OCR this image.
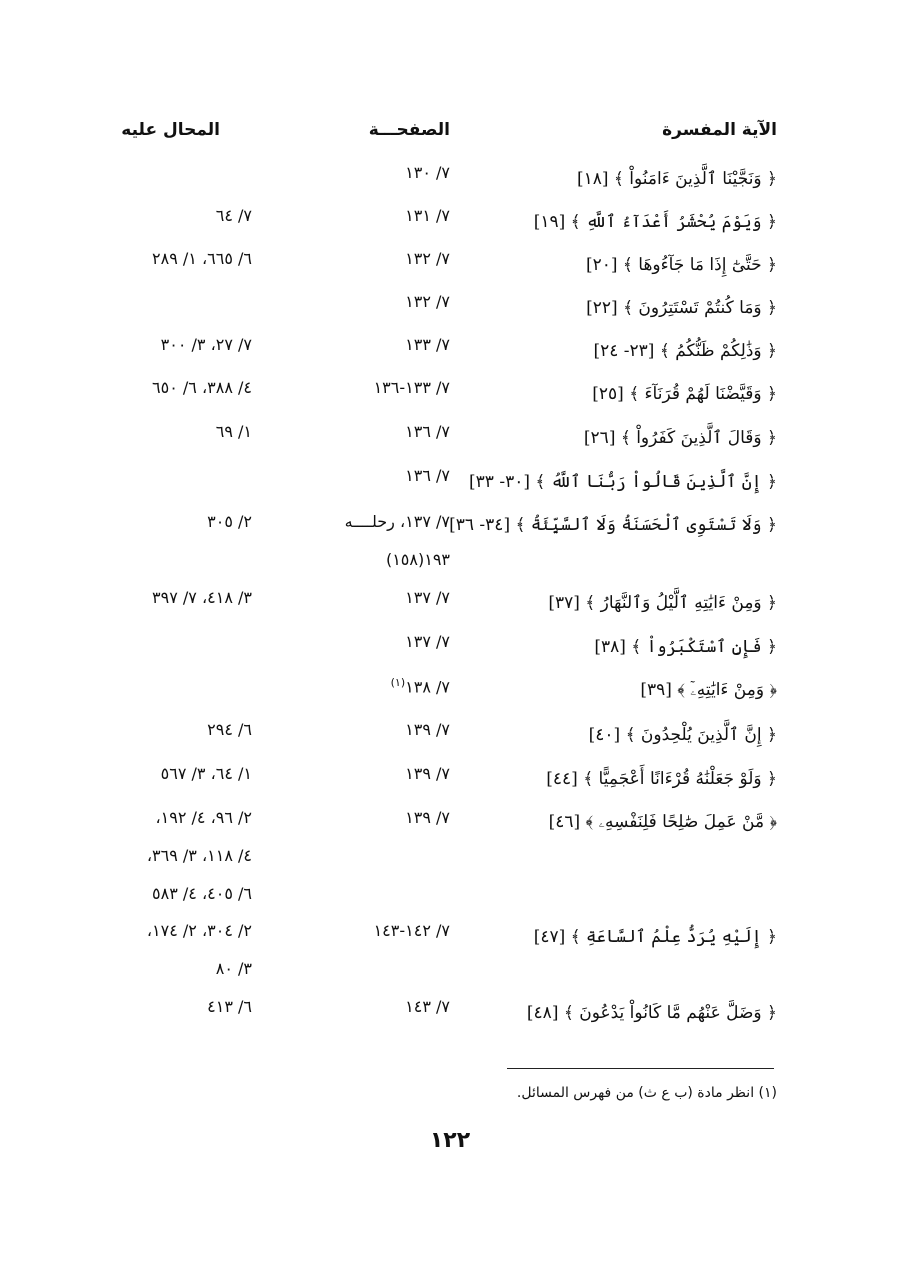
الآية المفسرة
الصفحـــة
المحال عليه
﴿ وَنَجَّيْنَا ٱلَّذِينَ ءَامَنُواْ ﴾ [١٨]
٧/ ١٣٠
﴿ وَيَوْمَ يُحْشَرُ أَعْدَآءُ ٱللَّهِ ﴾ [١٩]
٧/ ١٣١
٧/ ٦٤
﴿ حَتَّىٰٓ إِذَا مَا جَآءُوهَا ﴾ [٢٠]
٧/ ١٣٢
٦/ ٦٦٥، ١/ ٢٨٩
﴿ وَمَا كُنتُمْ تَسْتَتِرُونَ ﴾ [٢٢]
٧/ ١٣٢
﴿ وَذَٰلِكُمْ ظَنُّكُمُ ﴾ [٢٣- ٢٤]
٧/ ١٣٣
٧/ ٢٧، ٣/ ٣٠٠
﴿ وَقَيَّضْنَا لَهُمْ قُرَنَآءَ ﴾ [٢٥]
٧/ ١٣٣-١٣٦
٤/ ٣٨٨، ٦/ ٦٥٠
﴿ وَقَالَ ٱلَّذِينَ كَفَرُواْ ﴾ [٢٦]
٧/ ١٣٦
١/ ٦٩
﴿ إِنَّ ٱلَّذِينَ قَالُواْ رَبُّنَا ٱللَّهُ ﴾ [٣٠- ٣٣]
٧/ ١٣٦
﴿ وَلَا تَسْتَوِى ٱلْحَسَنَةُ وَلَا ٱلسَّيِّئَةُ ﴾ [٣٤- ٣٦]
٧/ ١٣٧، رحلــــه
١٩٣(١٥٨)
٢/ ٣٠٥
﴿ وَمِنْ ءَايَٰتِهِ ٱلَّيْلُ وَٱلنَّهَارُ ﴾ [٣٧]
٧/ ١٣٧
٣/ ٤١٨، ٧/ ٣٩٧
﴿ فَإِنِ ٱسْتَكْبَرُواْ ﴾ [٣٨]
٧/ ١٣٧
﴿ وَمِنْ ءَايَٰتِهِۦٓ ﴾ [٣٩]
٧/ ١٣٨$^{(١)}$
﴿ إِنَّ ٱلَّذِينَ يُلْحِدُونَ ﴾ [٤٠]
٧/ ١٣٩
٦/ ٢٩٤
﴿ وَلَوْ جَعَلْنَٰهُ قُرْءَانًا أَعْجَمِيًّا ﴾ [٤٤]
٧/ ١٣٩
١/ ٦٤، ٣/ ٥٦٧
﴿ مَّنْ عَمِلَ صَٰلِحًا فَلِنَفْسِهِۦ ﴾ [٤٦]
٧/ ١٣٩
٢/ ٩٦، ٤/ ١٩٢،
٤/ ١١٨، ٣/ ٣٦٩،
٦/ ٤٠٥، ٤/ ٥٨٣
﴿ إِلَيْهِ يُرَدُّ عِلْمُ ٱلسَّاعَةِ ﴾ [٤٧]
٧/ ١٤٢-١٤٣
٢/ ٣٠٤، ٢/ ١٧٤،
٣/ ٨٠
﴿ وَضَلَّ عَنْهُم مَّا كَانُواْ يَدْعُونَ ﴾ [٤٨]
٧/ ١٤٣
٦/ ٤١٣
(١) انظر مادة (ب ع ث) من فهرس المسائل.
١٢٢
